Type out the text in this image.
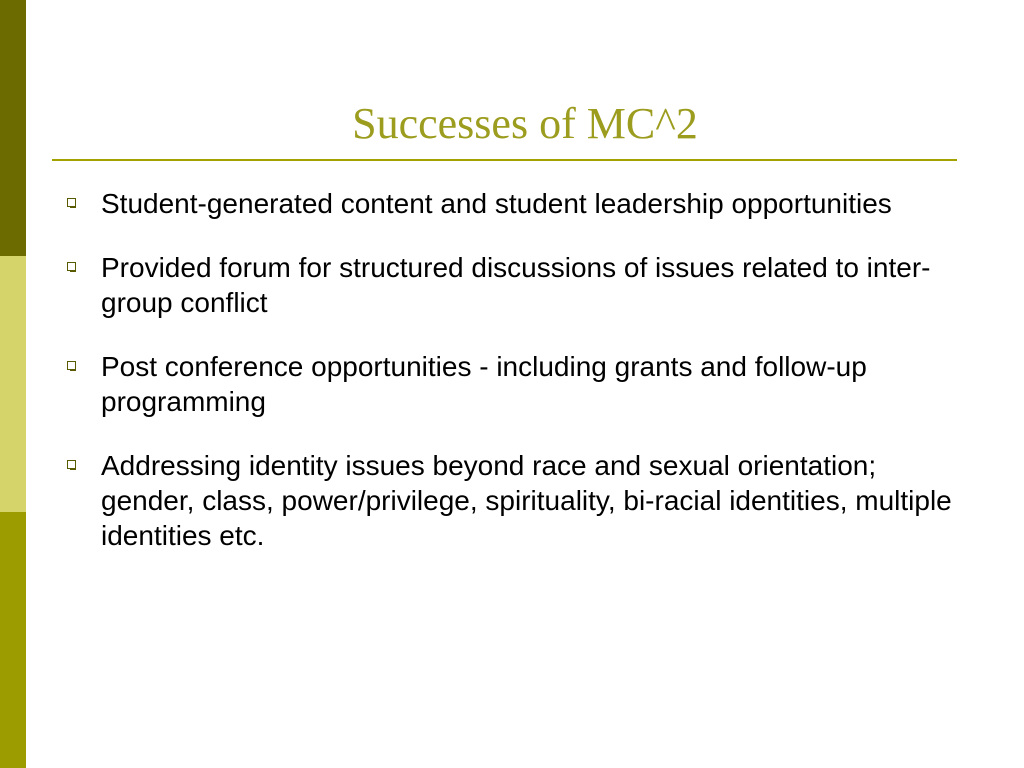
Successes of MC^2
Student-generated content and student leadership opportunities
Provided forum for structured discussions of issues related to inter-group conflict
Post conference opportunities - including grants and follow-up programming
Addressing identity issues beyond race and sexual orientation; gender, class, power/privilege, spirituality, bi-racial identities, multiple identities etc.
